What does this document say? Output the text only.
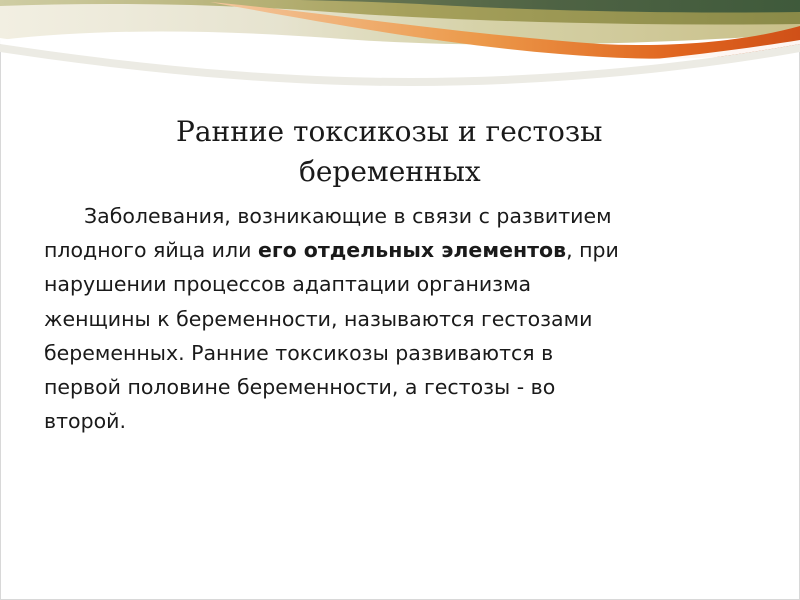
Ранние токсикозы и гестозы
беременных

Заболевания, возникающие в связи с развитием
плодного яйца или его отдельных элементов, при
нарушении процессов адаптации организма
женщины к беременности, называются гестозами
беременных. Ранние токсикозы развиваются в
первой половине беременности, а гестозы - во
второй.
